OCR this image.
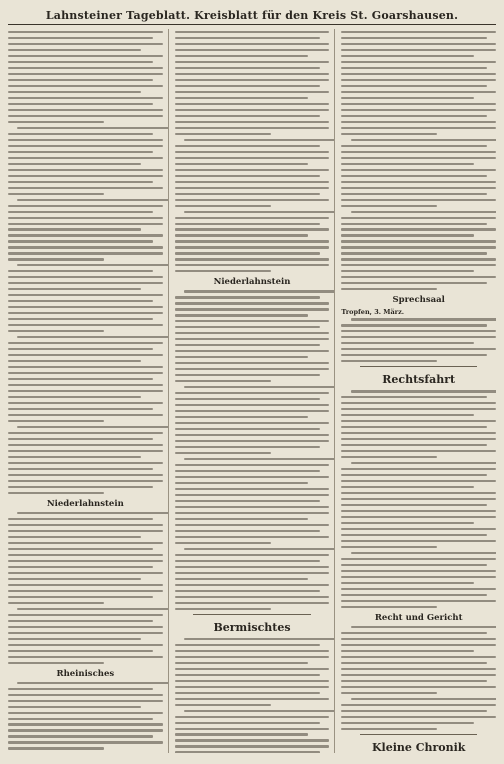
Lahnsteiner Tageblatt. Kreisblatt für den Kreis St. Goarshausen.
Niederlahnstein
Rheinisches
Niederlahnstein
Bermischtes
Sprechsaal
Tropfen, 3. März.
Rechtsfahrt
Recht und Gericht
Kleine Chronik
